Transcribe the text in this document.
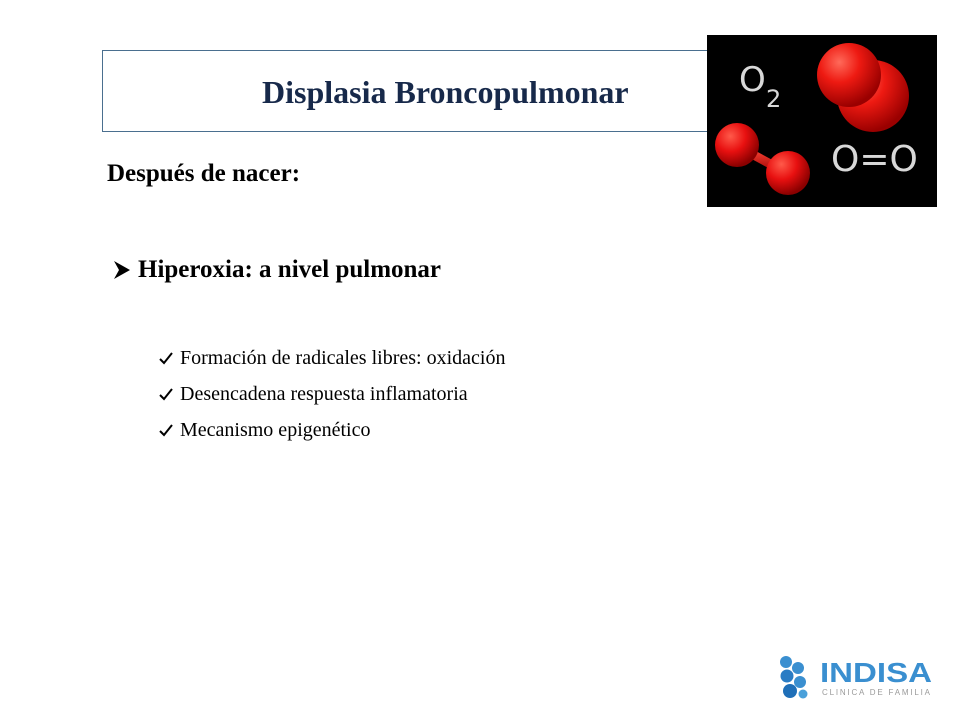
Displasia Broncopulmonar	O 2
O=O
Después de nacer:
Hiperoxia: a nivel pulmonar
Formación de radicales libres: oxidación
Desencadena respuesta inflamatoria
Mecanismo epigenético
INDISA
CLINICA DE FAMILIA
